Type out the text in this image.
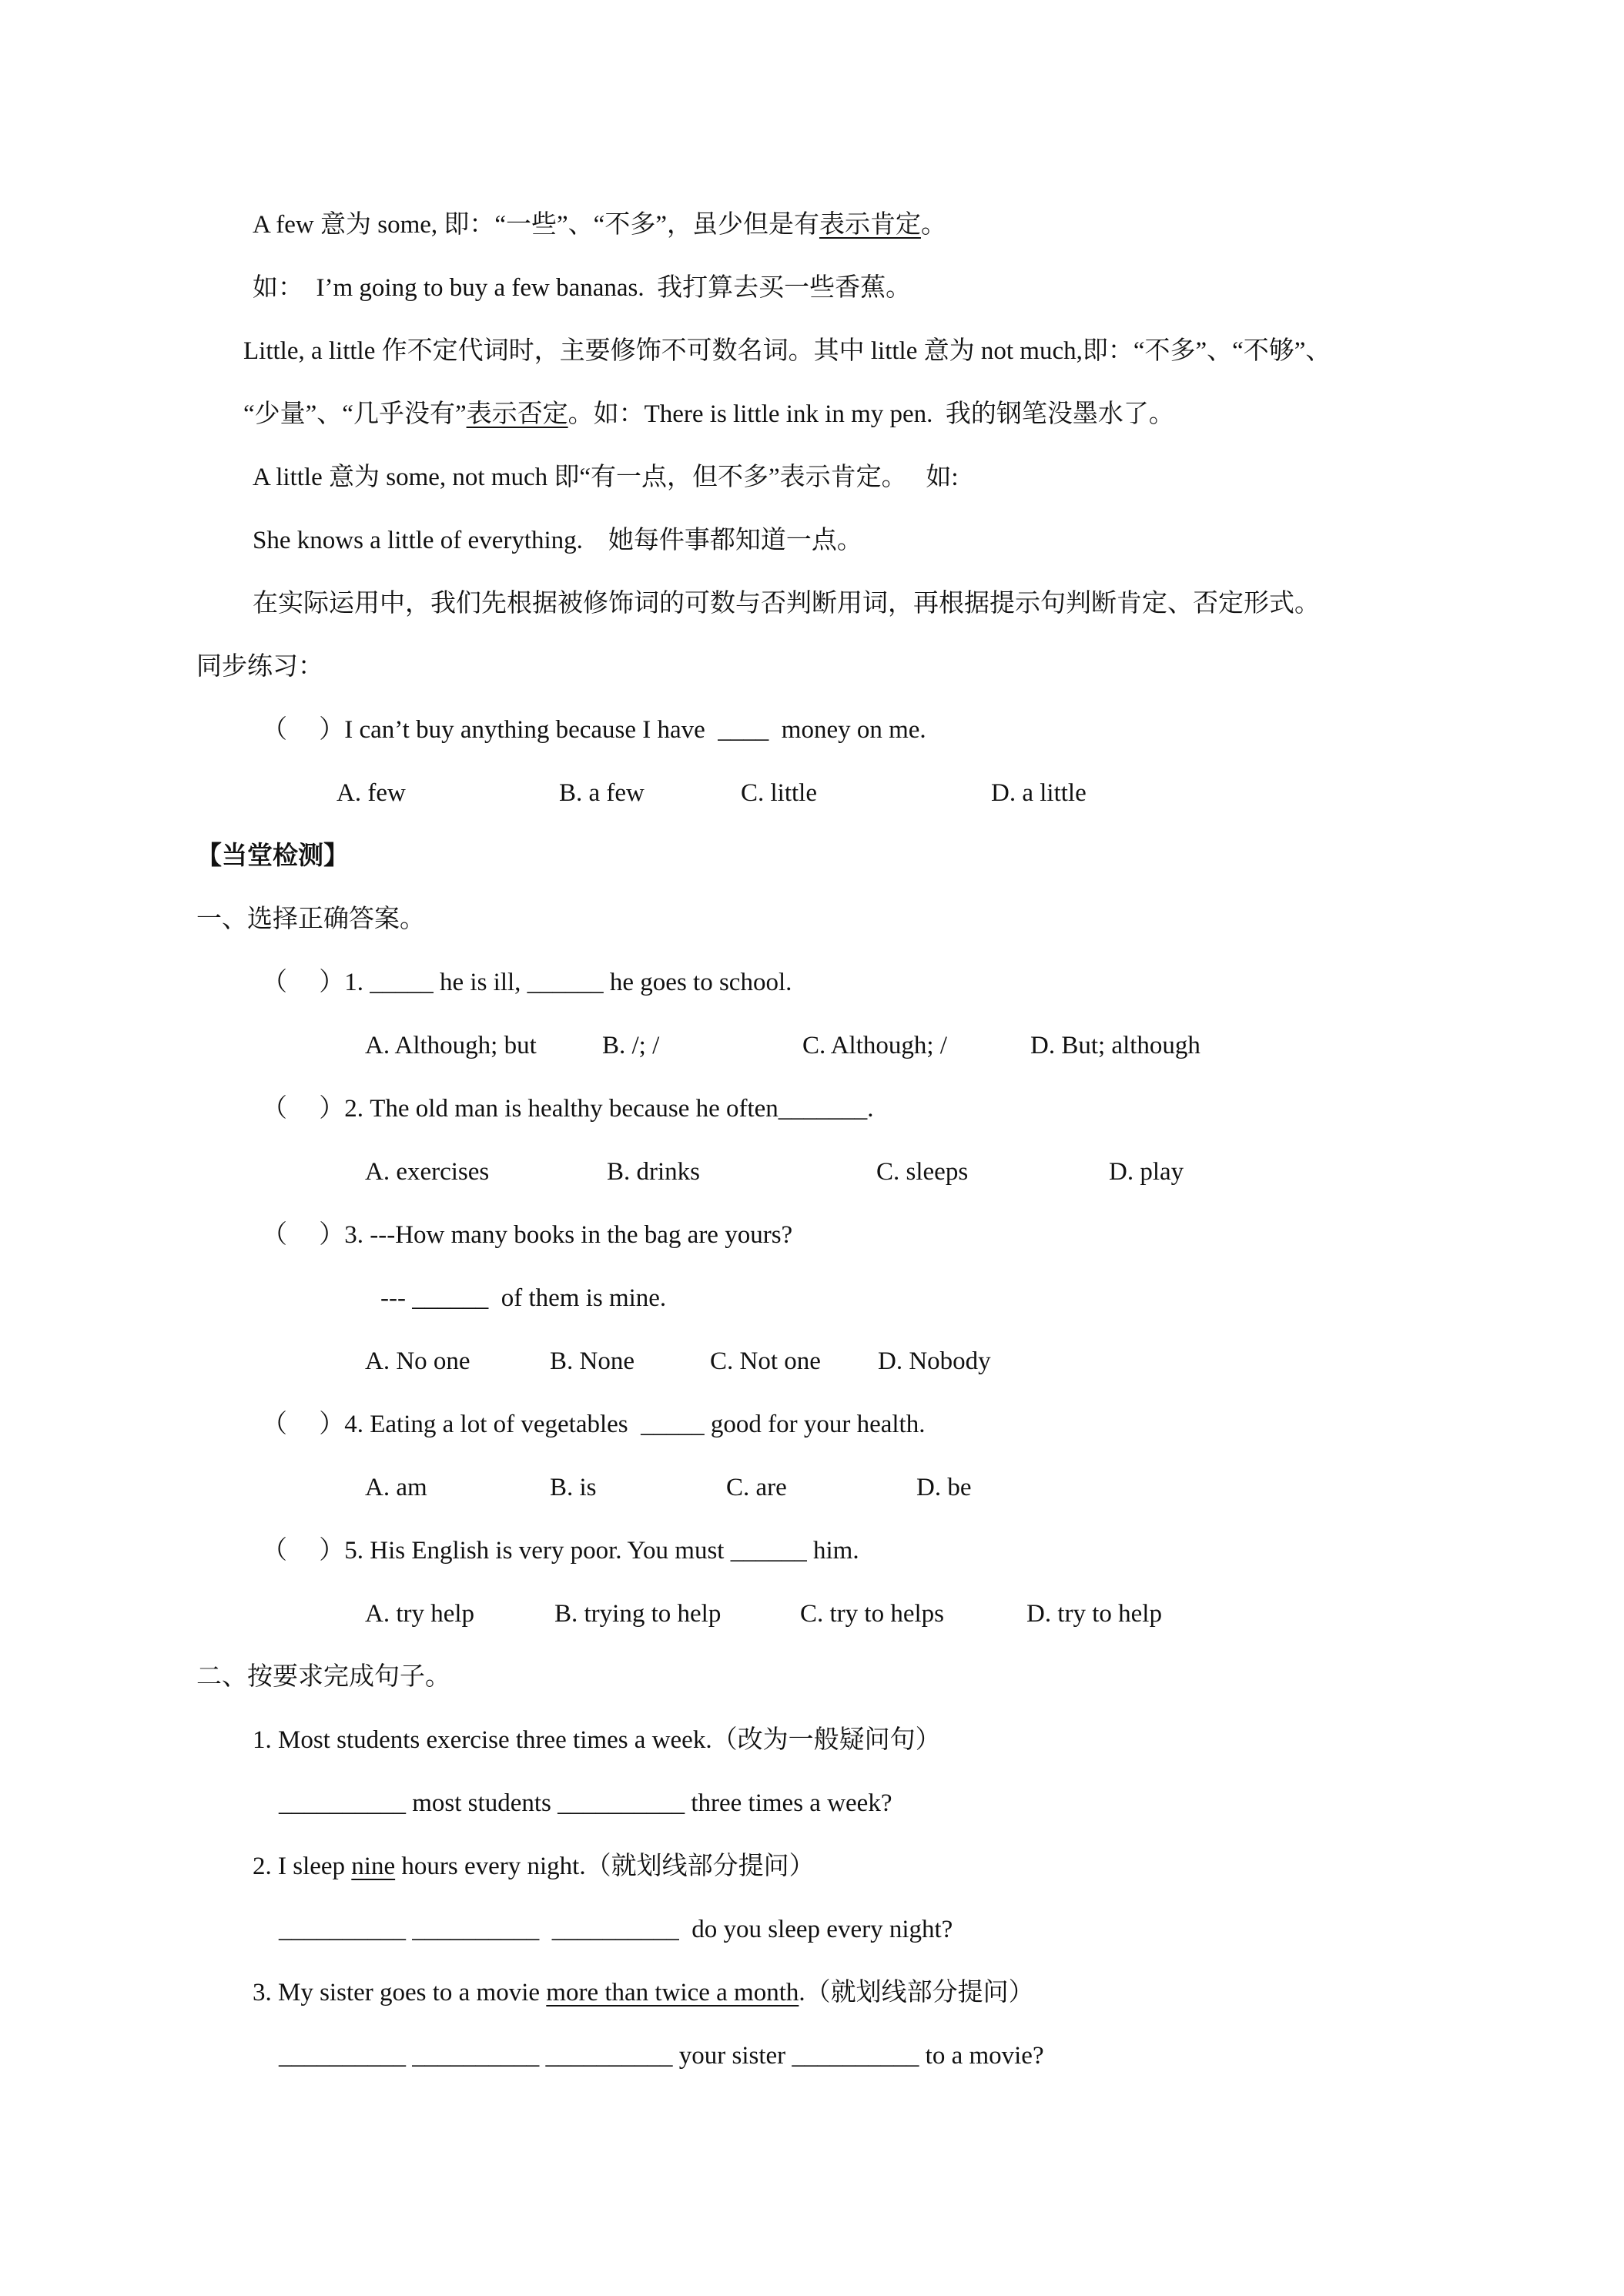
A few 意为 some, 即：“一些”、“不多”，虽少但是有表示肯定。
如：  I’m going to buy a few bananas.  我打算去买一些香蕉。
Little, a little 作不定代词时，主要修饰不可数名词。其中 little 意为 not much,即：“不多”、“不够”、
“少量”、“几乎没有”表示否定。如：There is little ink in my pen.  我的钢笔没墨水了。
A little 意为 some, not much 即“有一点，但不多”表示肯定。   如:
She knows a little of everything.    她每件事都知道一点。
在实际运用中，我们先根据被修饰词的可数与否判断用词，再根据提示句判断肯定、否定形式。
同步练习：
（     ）I can’t buy anything because I have  ____  money on me.
A. few	B. a few	C. little	D. a little
【当堂检测】
一、选择正确答案。
（     ）1. _____ he is ill, ______ he goes to school.
A. Although; but	B. /; /	C. Although; /	D. But; although
（     ）2. The old man is healthy because he often_______.
A. exercises	B. drinks	C. sleeps	D. play
（     ）3. ---How many books in the bag are yours?
--- ______  of them is mine.
A. No one	B. None	C. Not one D. Nobody
（     ）4. Eating a lot of vegetables  _____ good for your health.
A. am	B. is	C. are	D. be
（     ）5. His English is very poor. You must ______ him.
A. try help	B. trying to help	C. try to helps	D. try to help
二、按要求完成句子。
1. Most students exercise three times a week.（改为一般疑问句）
__________ most students __________ three times a week?
2. I sleep nine hours every night.（就划线部分提问）
__________ __________  __________  do you sleep every night?
3. My sister goes to a movie more than twice a month.（就划线部分提问）
__________ __________ __________ your sister __________ to a movie?
